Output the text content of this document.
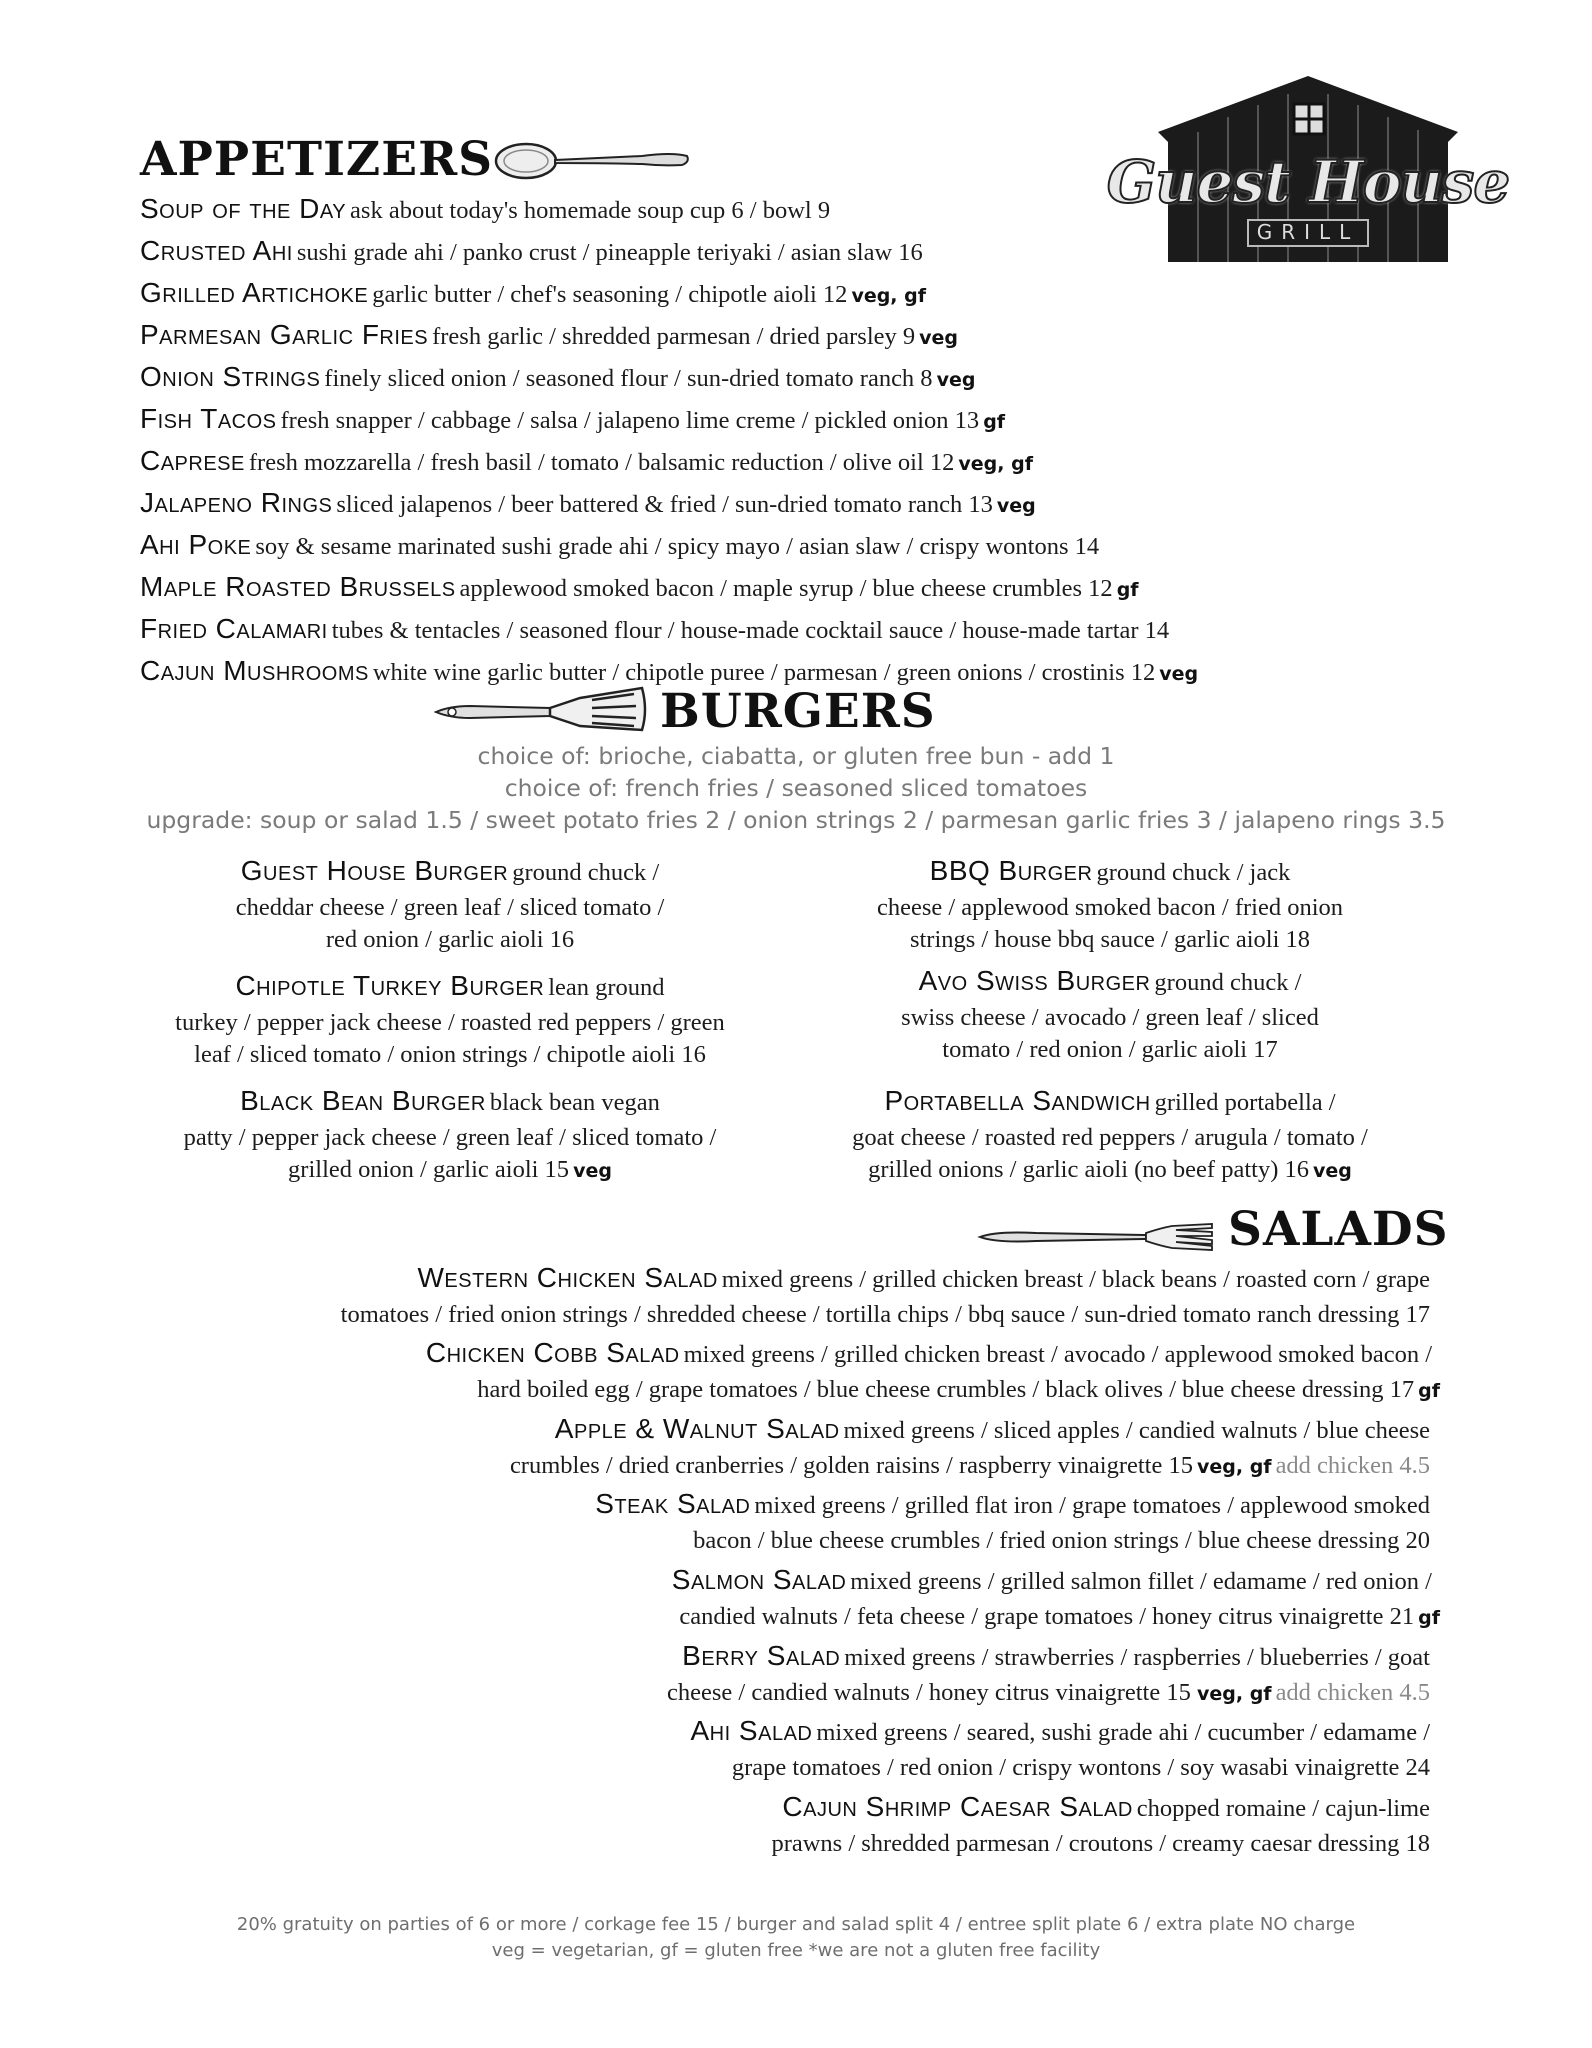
APPETIZERS
Soup of the Day ask about today's homemade soup cup 6 / bowl 9
Crusted Ahi sushi grade ahi / panko crust / pineapple teriyaki / asian slaw 16
Grilled Artichoke garlic butter / chef's seasoning / chipotle aioli 12 veg, gf
Parmesan Garlic Fries fresh garlic / shredded parmesan / dried parsley 9 veg
Onion Strings finely sliced onion / seasoned flour / sun-dried tomato ranch 8 veg
Fish Tacos fresh snapper / cabbage / salsa / jalapeno lime creme / pickled onion 13 gf
Caprese fresh mozzarella / fresh basil / tomato / balsamic reduction / olive oil 12 veg, gf
Jalapeno Rings sliced jalapenos / beer battered & fried / sun-dried tomato ranch 13 veg
Ahi Poke soy & sesame marinated sushi grade ahi / spicy mayo / asian slaw / crispy wontons 14
Maple Roasted Brussels applewood smoked bacon / maple syrup / blue cheese crumbles 12 gf
Fried Calamari tubes & tentacles / seasoned flour / house-made cocktail sauce / house-made tartar 14
Cajun Mushrooms white wine garlic butter / chipotle puree / parmesan / green onions / crostinis 12 veg
Guest House
GRILL
BURGERS
choice of: brioche, ciabatta, or gluten free bun - add 1
choice of: french fries / seasoned sliced tomatoes
upgrade: soup or salad 1.5 / sweet potato fries 2 / onion strings 2 / parmesan garlic fries 3 / jalapeno rings 3.5
Guest House Burger ground chuck /
cheddar cheese / green leaf / sliced tomato /
red onion / garlic aioli 16
Chipotle Turkey Burger lean ground
turkey / pepper jack cheese / roasted red peppers / green
leaf / sliced tomato / onion strings / chipotle aioli 16
Black Bean Burger black bean vegan
patty / pepper jack cheese / green leaf / sliced tomato /
grilled onion / garlic aioli 15 veg
BBQ Burger ground chuck / jack
cheese / applewood smoked bacon / fried onion
strings / house bbq sauce / garlic aioli 18
Avo Swiss Burger ground chuck /
swiss cheese / avocado / green leaf / sliced
tomato / red onion / garlic aioli 17
Portabella Sandwich grilled portabella /
goat cheese / roasted red peppers / arugula / tomato /
grilled onions / garlic aioli (no beef patty) 16 veg
SALADS
Western Chicken Salad mixed greens / grilled chicken breast / black beans / roasted corn / grape
tomatoes / fried onion strings / shredded cheese / tortilla chips / bbq sauce / sun-dried tomato ranch dressing 17
Chicken Cobb Salad mixed greens / grilled chicken breast / avocado / applewood smoked bacon /
hard boiled egg / grape tomatoes / blue cheese crumbles / black olives / blue cheese dressing 17 gf
Apple & Walnut Salad mixed greens / sliced apples / candied walnuts / blue cheese
crumbles / dried cranberries / golden raisins / raspberry vinaigrette 15 veg, gf add chicken 4.5
Steak Salad mixed greens / grilled flat iron / grape tomatoes / applewood smoked
bacon / blue cheese crumbles / fried onion strings / blue cheese dressing 20
Salmon Salad mixed greens / grilled salmon fillet / edamame / red onion /
candied walnuts / feta cheese / grape tomatoes / honey citrus vinaigrette 21 gf
Berry Salad mixed greens / strawberries / raspberries / blueberries / goat
cheese / candied walnuts / honey citrus vinaigrette 15 veg, gf add chicken 4.5
Ahi Salad mixed greens / seared, sushi grade ahi / cucumber / edamame /
grape tomatoes / red onion / crispy wontons / soy wasabi vinaigrette 24
Cajun Shrimp Caesar Salad chopped romaine / cajun-lime
prawns / shredded parmesan / croutons / creamy caesar dressing 18
20% gratuity on parties of 6 or more / corkage fee 15 / burger and salad split 4 / entree split plate 6 / extra plate NO charge
veg = vegetarian, gf = gluten free *we are not a gluten free facility
